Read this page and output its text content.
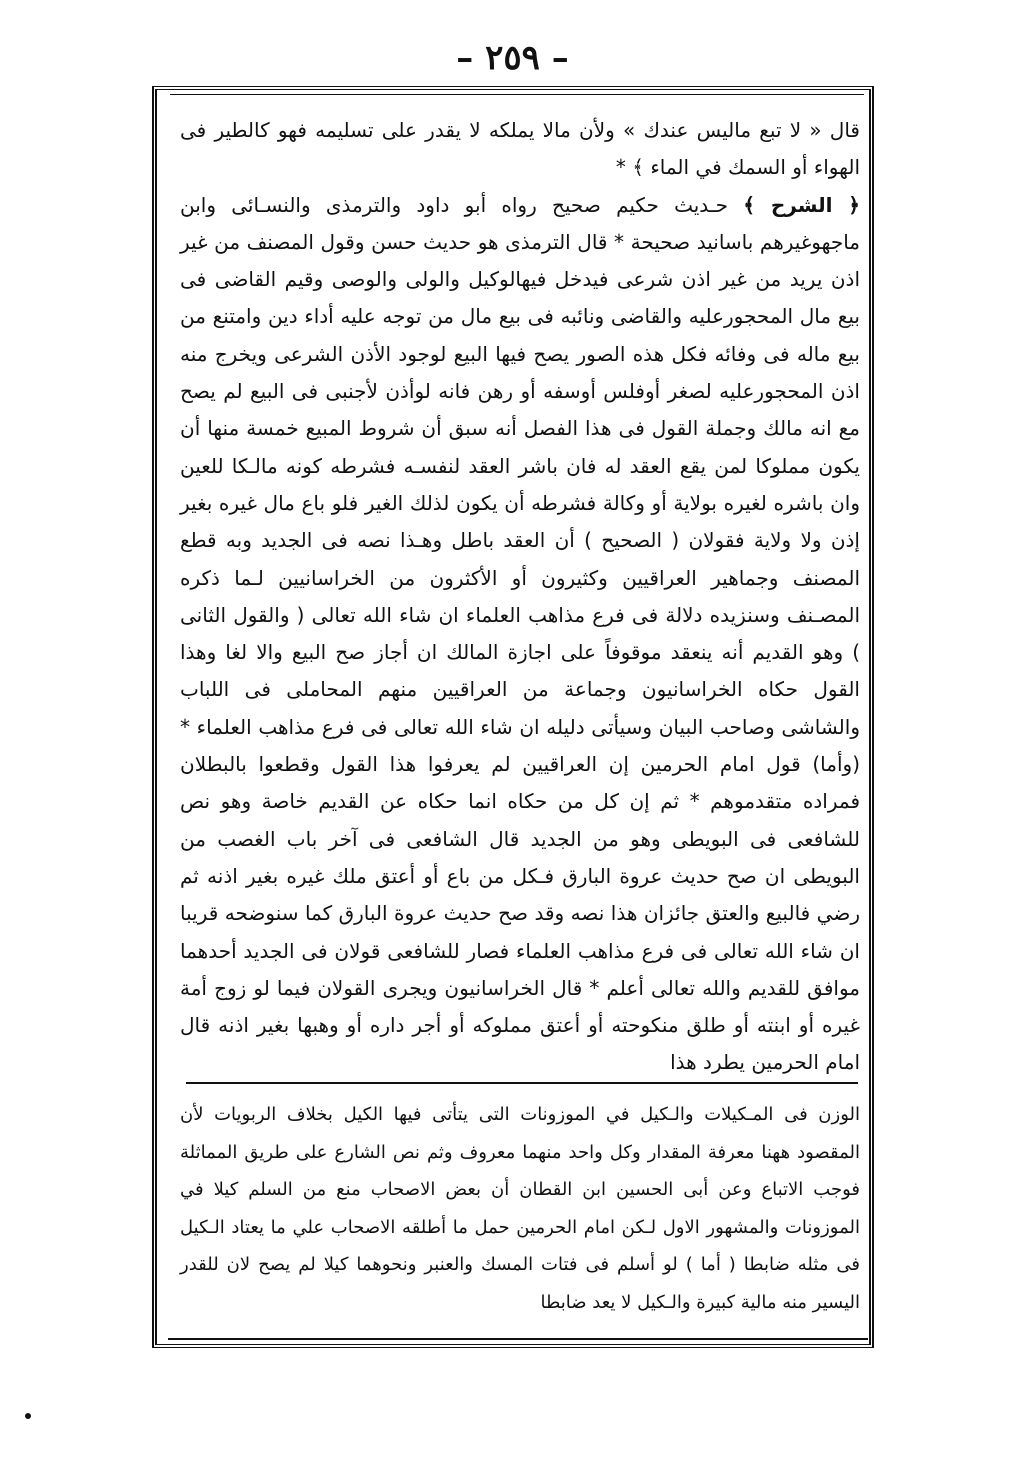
– ٢٥٩ –

قال « لا تبع ماليس عندك » ولأن مالا يملكه لا يقدر على تسليمه فهو كالطير فى الهواء أو السمك في الماء ﴾ *

﴿ الشرح ﴾ حـديث حكيم صحيح رواه أبو داود والترمذى والنسـائى وابن ماجهوغيرهم باسانيد صحيحة * قال الترمذى هو حديث حسن وقول المصنف من غير اذن يريد من غير اذن شرعى فيدخل فيهالوكيل والولى والوصى وقيم القاضى فى بيع مال المحجورعليه والقاضى ونائبه فى بيع مال من توجه عليه أداء دين وامتنع من بيع ماله فى وفائه فكل هذه الصور يصح فيها البيع لوجود الأذن الشرعى ويخرج منه اذن المحجورعليه لصغر أوفلس أوسفه أو رهن فانه لوأذن لأجنبى فى البيع لم يصح مع انه مالك وجملة القول فى هذا الفصل أنه سبق أن شروط المبيع خمسة منها أن يكون مملوكا لمن يقع العقد له فان باشر العقد لنفسـه فشرطه كونه مالـكا للعين وان باشره لغيره بولاية أو وكالة فشرطه أن يكون لذلك الغير فلو باع مال غيره بغير إذن ولا ولاية فقولان ( الصحيح ) أن العقد باطل وهـذا نصه فى الجديد وبه قطع المصنف وجماهير العراقيين وكثيرون أو الأكثرون من الخراسانيين لـما ذكره المصـنف وسنزيده دلالة فى فرع مذاهب العلماء ان شاء الله تعالى ( والقول الثانى ) وهو القديم أنه ينعقد موقوفاً على اجازة المالك ان أجاز صح البيع والا لغا وهذا القول حكاه الخراسانيون وجماعة من العراقيين منهم المحاملى فى اللباب والشاشى وصاحب البيان وسيأتى دليله ان شاء الله تعالى فى فرع مذاهب العلماء * (وأما) قول امام الحرمين إن العراقيين لم يعرفوا هذا القول وقطعوا بالبطلان فمراده متقدموهم * ثم إن كل من حكاه انما حكاه عن القديم خاصة وهو نص للشافعى فى البويطى وهو من الجديد قال الشافعى فى آخر باب الغصب من البويطى ان صح حديث عروة البارق فـكل من باع أو أعتق ملك غيره بغير اذنه ثم رضي فالبيع والعتق جائزان هذا نصه وقد صح حديث عروة البارق كما سنوضحه قريبا ان شاء الله تعالى فى فرع مذاهب العلماء فصار للشافعى قولان فى الجديد أحدهما موافق للقديم والله تعالى أعلم * قال الخراسانيون ويجرى القولان فيما لو زوج أمة غيره أو ابنته أو طلق منكوحته أو أعتق مملوكه أو أجر داره أو وهبها بغير اذنه قال امام الحرمين يطرد هذا

الوزن فى المـكيلات والـكيل في الموزونات التى يتأتى فيها الكيل بخلاف الربويات لأن المقصود ههنا معرفة المقدار وكل واحد منهما معروف وثم نص الشارع على طريق المماثلة فوجب الاتباع وعن أبى الحسين ابن القطان أن بعض الاصحاب منع من السلم كيلا في الموزونات والمشهور الاول لـكن امام الحرمين حمل ما أطلقه الاصحاب علي ما يعتاد الـكيل فى مثله ضابطا ( أما ) لو أسلم فى فتات المسك والعنبر ونحوهما كيلا لم يصح لان للقدر اليسير منه مالية كبيرة والـكيل لا يعد ضابطا
